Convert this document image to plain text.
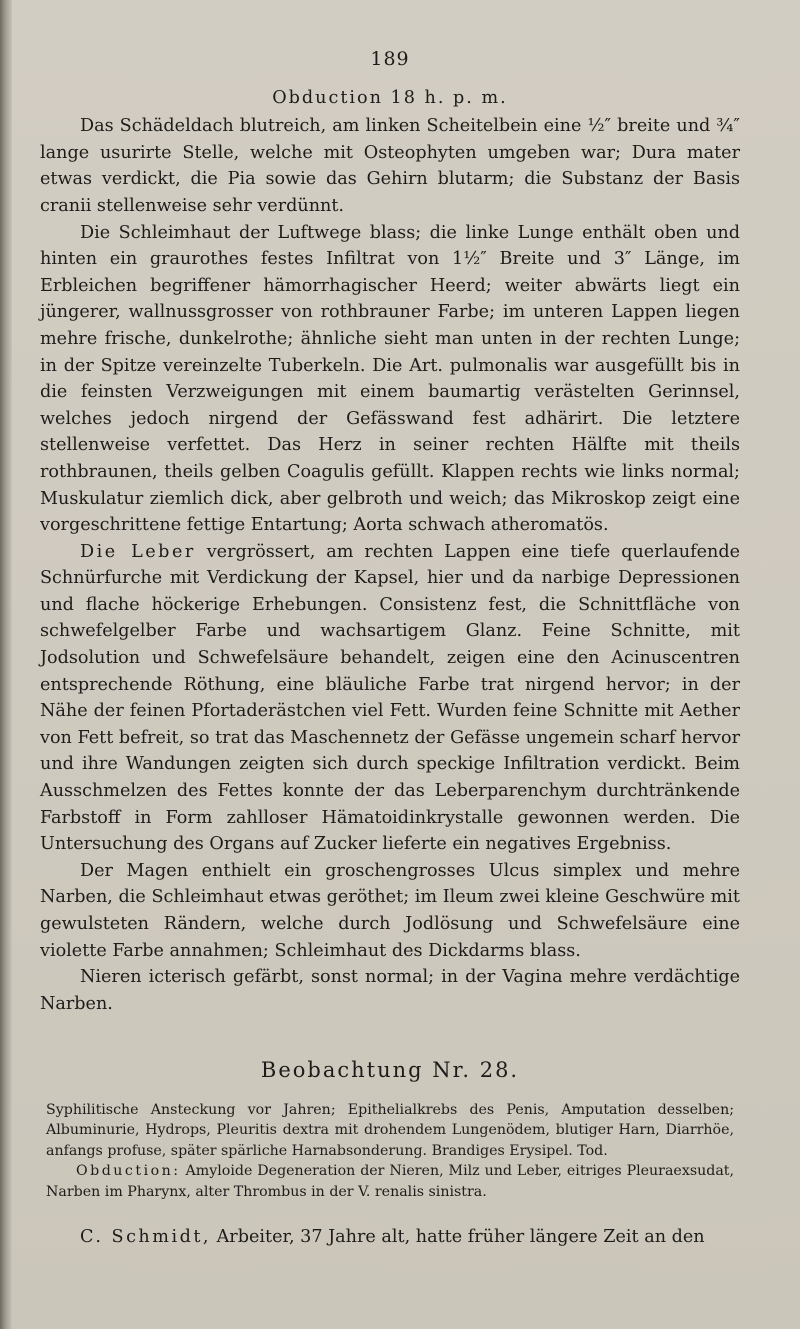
189
Obduction 18 h. p. m.

Das Schädeldach blutreich, am linken Scheitelbein eine ½″ breite und ¾″ lange usurirte Stelle, welche mit Osteophyten umgeben war; Dura mater etwas verdickt, die Pia sowie das Gehirn blutarm; die Substanz der Basis cranii stellenweise sehr verdünnt.

Die Schleimhaut der Luftwege blass; die linke Lunge enthält oben und hinten ein graurothes festes Infiltrat von 1½″ Breite und 3″ Länge, im Erbleichen begriffener hämorrhagischer Heerd; weiter abwärts liegt ein jüngerer, wallnussgrosser von rothbrauner Farbe; im unteren Lappen liegen mehre frische, dunkelrothe; ähnliche sieht man unten in der rechten Lunge; in der Spitze vereinzelte Tuberkeln. Die Art. pulmonalis war ausgefüllt bis in die feinsten Verzweigungen mit einem baumartig verästelten Gerinnsel, welches jedoch nirgend der Gefässwand fest adhärirt. Die letztere stellenweise verfettet. Das Herz in seiner rechten Hälfte mit theils rothbraunen, theils gelben Coagulis gefüllt. Klappen rechts wie links normal; Muskulatur ziemlich dick, aber gelbroth und weich; das Mikroskop zeigt eine vorgeschrittene fettige Entartung; Aorta schwach atheromatös.

Die Leber vergrössert, am rechten Lappen eine tiefe querlaufende Schnürfurche mit Verdickung der Kapsel, hier und da narbige Depressionen und flache höckerige Erhebungen. Consistenz fest, die Schnittfläche von schwefelgelber Farbe und wachsartigem Glanz. Feine Schnitte, mit Jodsolution und Schwefelsäure behandelt, zeigen eine den Acinuscentren entsprechende Röthung, eine bläuliche Farbe trat nirgend hervor; in der Nähe der feinen Pfortaderästchen viel Fett. Wurden feine Schnitte mit Aether von Fett befreit, so trat das Maschennetz der Gefässe ungemein scharf hervor und ihre Wandungen zeigten sich durch speckige Infiltration verdickt. Beim Ausschmelzen des Fettes konnte der das Leberparenchym durchtränkende Farbstoff in Form zahlloser Hämatoidinkrystalle gewonnen werden. Die Untersuchung des Organs auf Zucker lieferte ein negatives Ergebniss.

Der Magen enthielt ein groschengrosses Ulcus simplex und mehre Narben, die Schleimhaut etwas geröthet; im Ileum zwei kleine Geschwüre mit gewulsteten Rändern, welche durch Jodlösung und Schwefelsäure eine violette Farbe annahmen; Schleimhaut des Dickdarms blass.

Nieren icterisch gefärbt, sonst normal; in der Vagina mehre verdächtige Narben.

Beobachtung Nr. 28.

Syphilitische Ansteckung vor Jahren; Epithelialkrebs des Penis, Amputation desselben; Albuminurie, Hydrops, Pleuritis dextra mit drohendem Lungenödem, blutiger Harn, Diarrhöe, anfangs profuse, später spärliche Harnabsonderung. Brandiges Erysipel. Tod.

Obduction: Amyloide Degeneration der Nieren, Milz und Leber, eitriges Pleuraexsudat, Narben im Pharynx, alter Thrombus in der V. renalis sinistra.

C. Schmidt, Arbeiter, 37 Jahre alt, hatte früher längere Zeit an den
